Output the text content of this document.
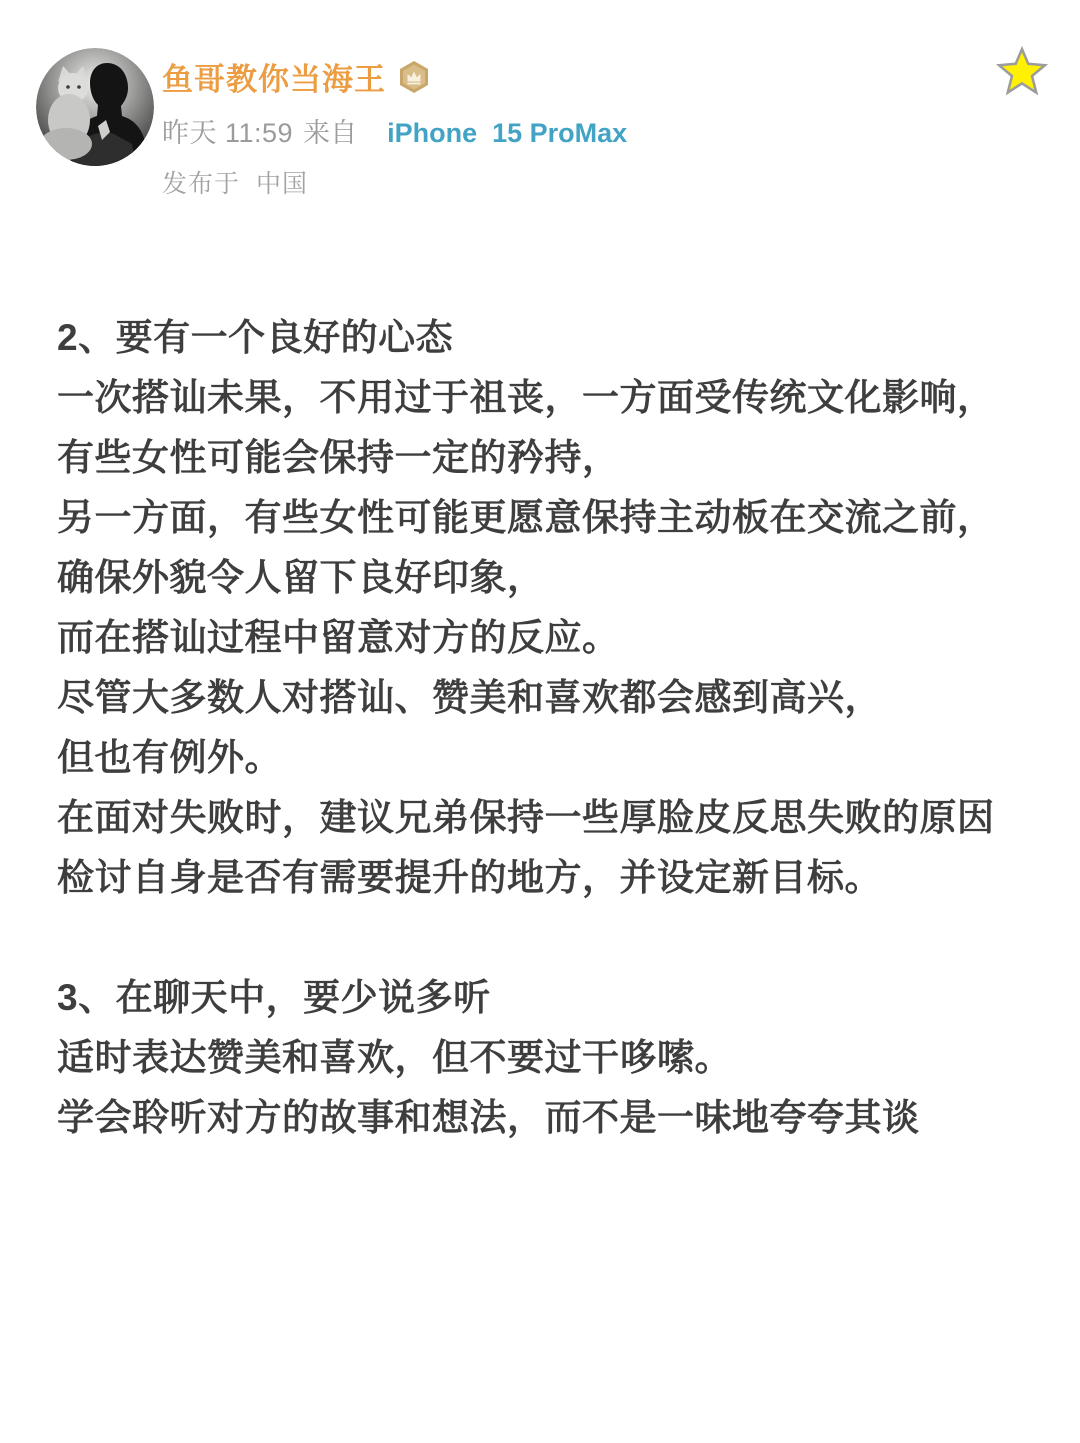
鱼哥教你当海王
昨天 11:59 来自 iPhone  15 ProMax
发布于 中国

2、要有一个良好的心态

一次搭讪未果，不用过于祖丧，一方面受传统文化影响，

有些女性可能会保持一定的矜持，

另一方面，有些女性可能更愿意保持主动板在交流之前，

确保外貌令人留下良好印象，

而在搭讪过程中留意对方的反应。

尽管大多数人对搭讪、赞美和喜欢都会感到高兴，

但也有例外。

在面对失败时，建议兄弟保持一些厚脸皮反思失败的原因

检讨自身是否有需要提升的地方，并设定新目标。

3、在聊天中，要少说多听

适时表达赞美和喜欢，但不要过干哆嗦。

学会聆听对方的故事和想法，而不是一味地夸夸其谈
